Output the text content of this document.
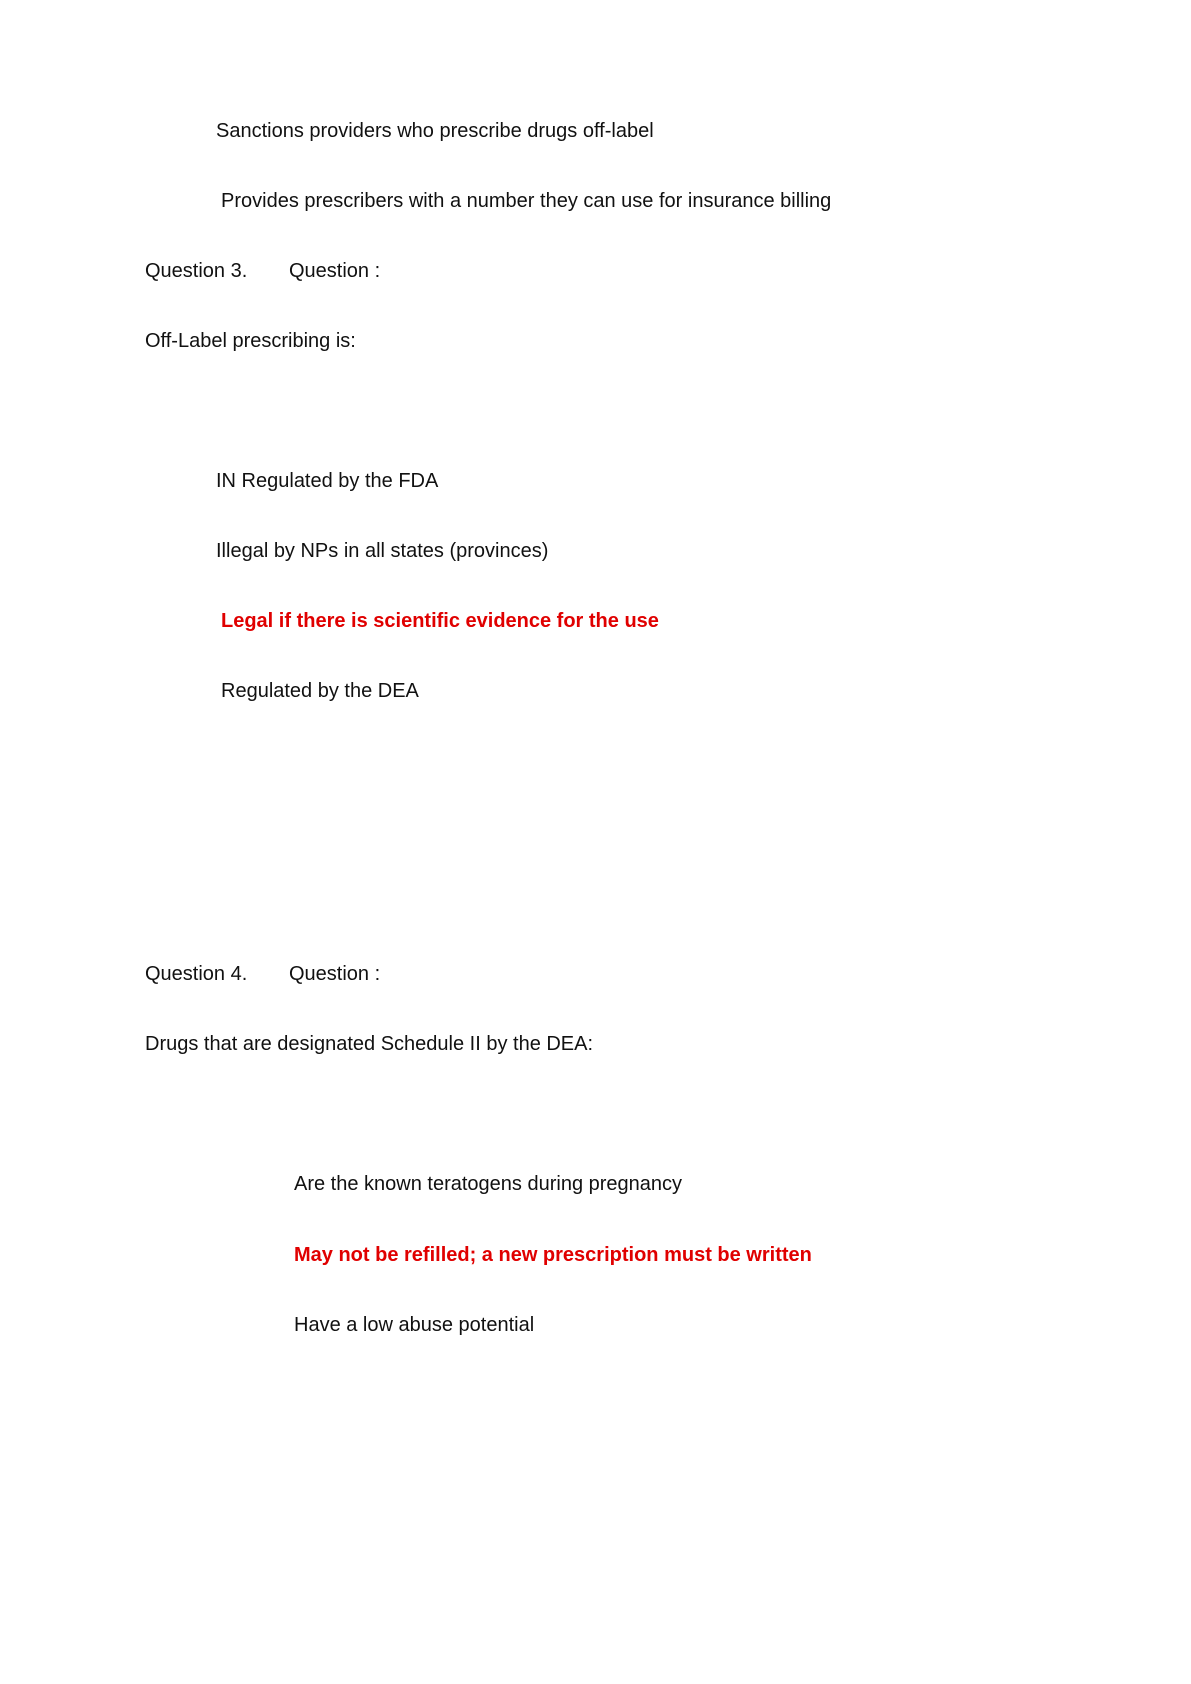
Sanctions providers who prescribe drugs off-label
Provides prescribers with a number they can use for insurance billing
Question 3. Question :
Off-Label prescribing is:
IN Regulated by the FDA
Illegal by NPs in all states (provinces)
Legal if there is scientific evidence for the use
Regulated by the DEA
Question 4. Question :
Drugs that are designated Schedule II by the DEA:
Are the known teratogens during pregnancy
May not be refilled; a new prescription must be written
Have a low abuse potential
